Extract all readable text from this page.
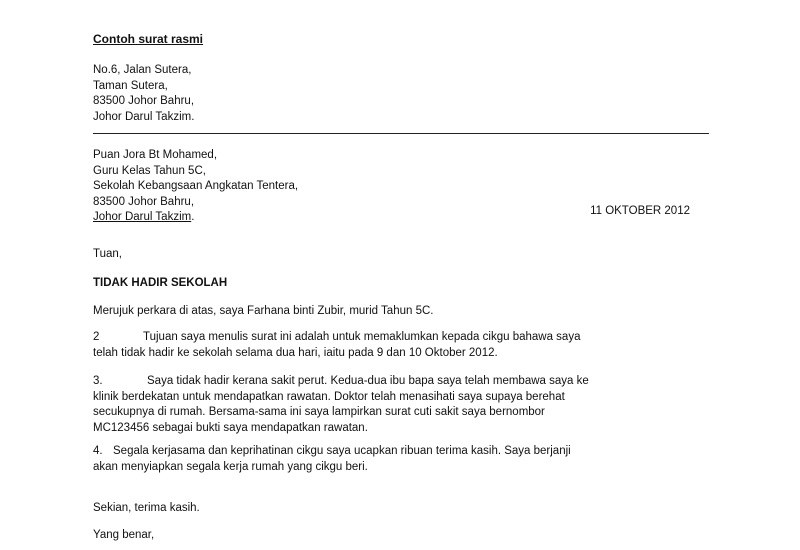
Contoh surat rasmi
No.6, Jalan Sutera,
Taman Sutera,
83500 Johor Bahru,
Johor Darul Takzim.
Puan Jora Bt Mohamed,
Guru Kelas Tahun 5C,
Sekolah Kebangsaan Angkatan Tentera,
83500 Johor Bahru,
Johor Darul Takzim.
11 OKTOBER 2012
Tuan,
TIDAK HADIR SEKOLAH
Merujuk perkara di atas, saya Farhana binti Zubir, murid Tahun 5C.
2	Tujuan saya menulis surat ini adalah untuk memaklumkan kepada cikgu bahawa saya
telah tidak hadir ke sekolah selama dua hari, iaitu pada 9 dan 10 Oktober 2012.
3.	Saya tidak hadir kerana sakit perut. Kedua-dua ibu bapa saya telah membawa saya ke
klinik berdekatan untuk mendapatkan rawatan. Doktor telah menasihati saya supaya berehat
secukupnya di rumah. Bersama-sama ini saya lampirkan surat cuti sakit saya bernombor
MC123456 sebagai bukti saya mendapatkan rawatan.
4. Segala kerjasama dan keprihatinan cikgu saya ucapkan ribuan terima kasih. Saya berjanji
akan menyiapkan segala kerja rumah yang cikgu beri.
Sekian, terima kasih.
Yang benar,
